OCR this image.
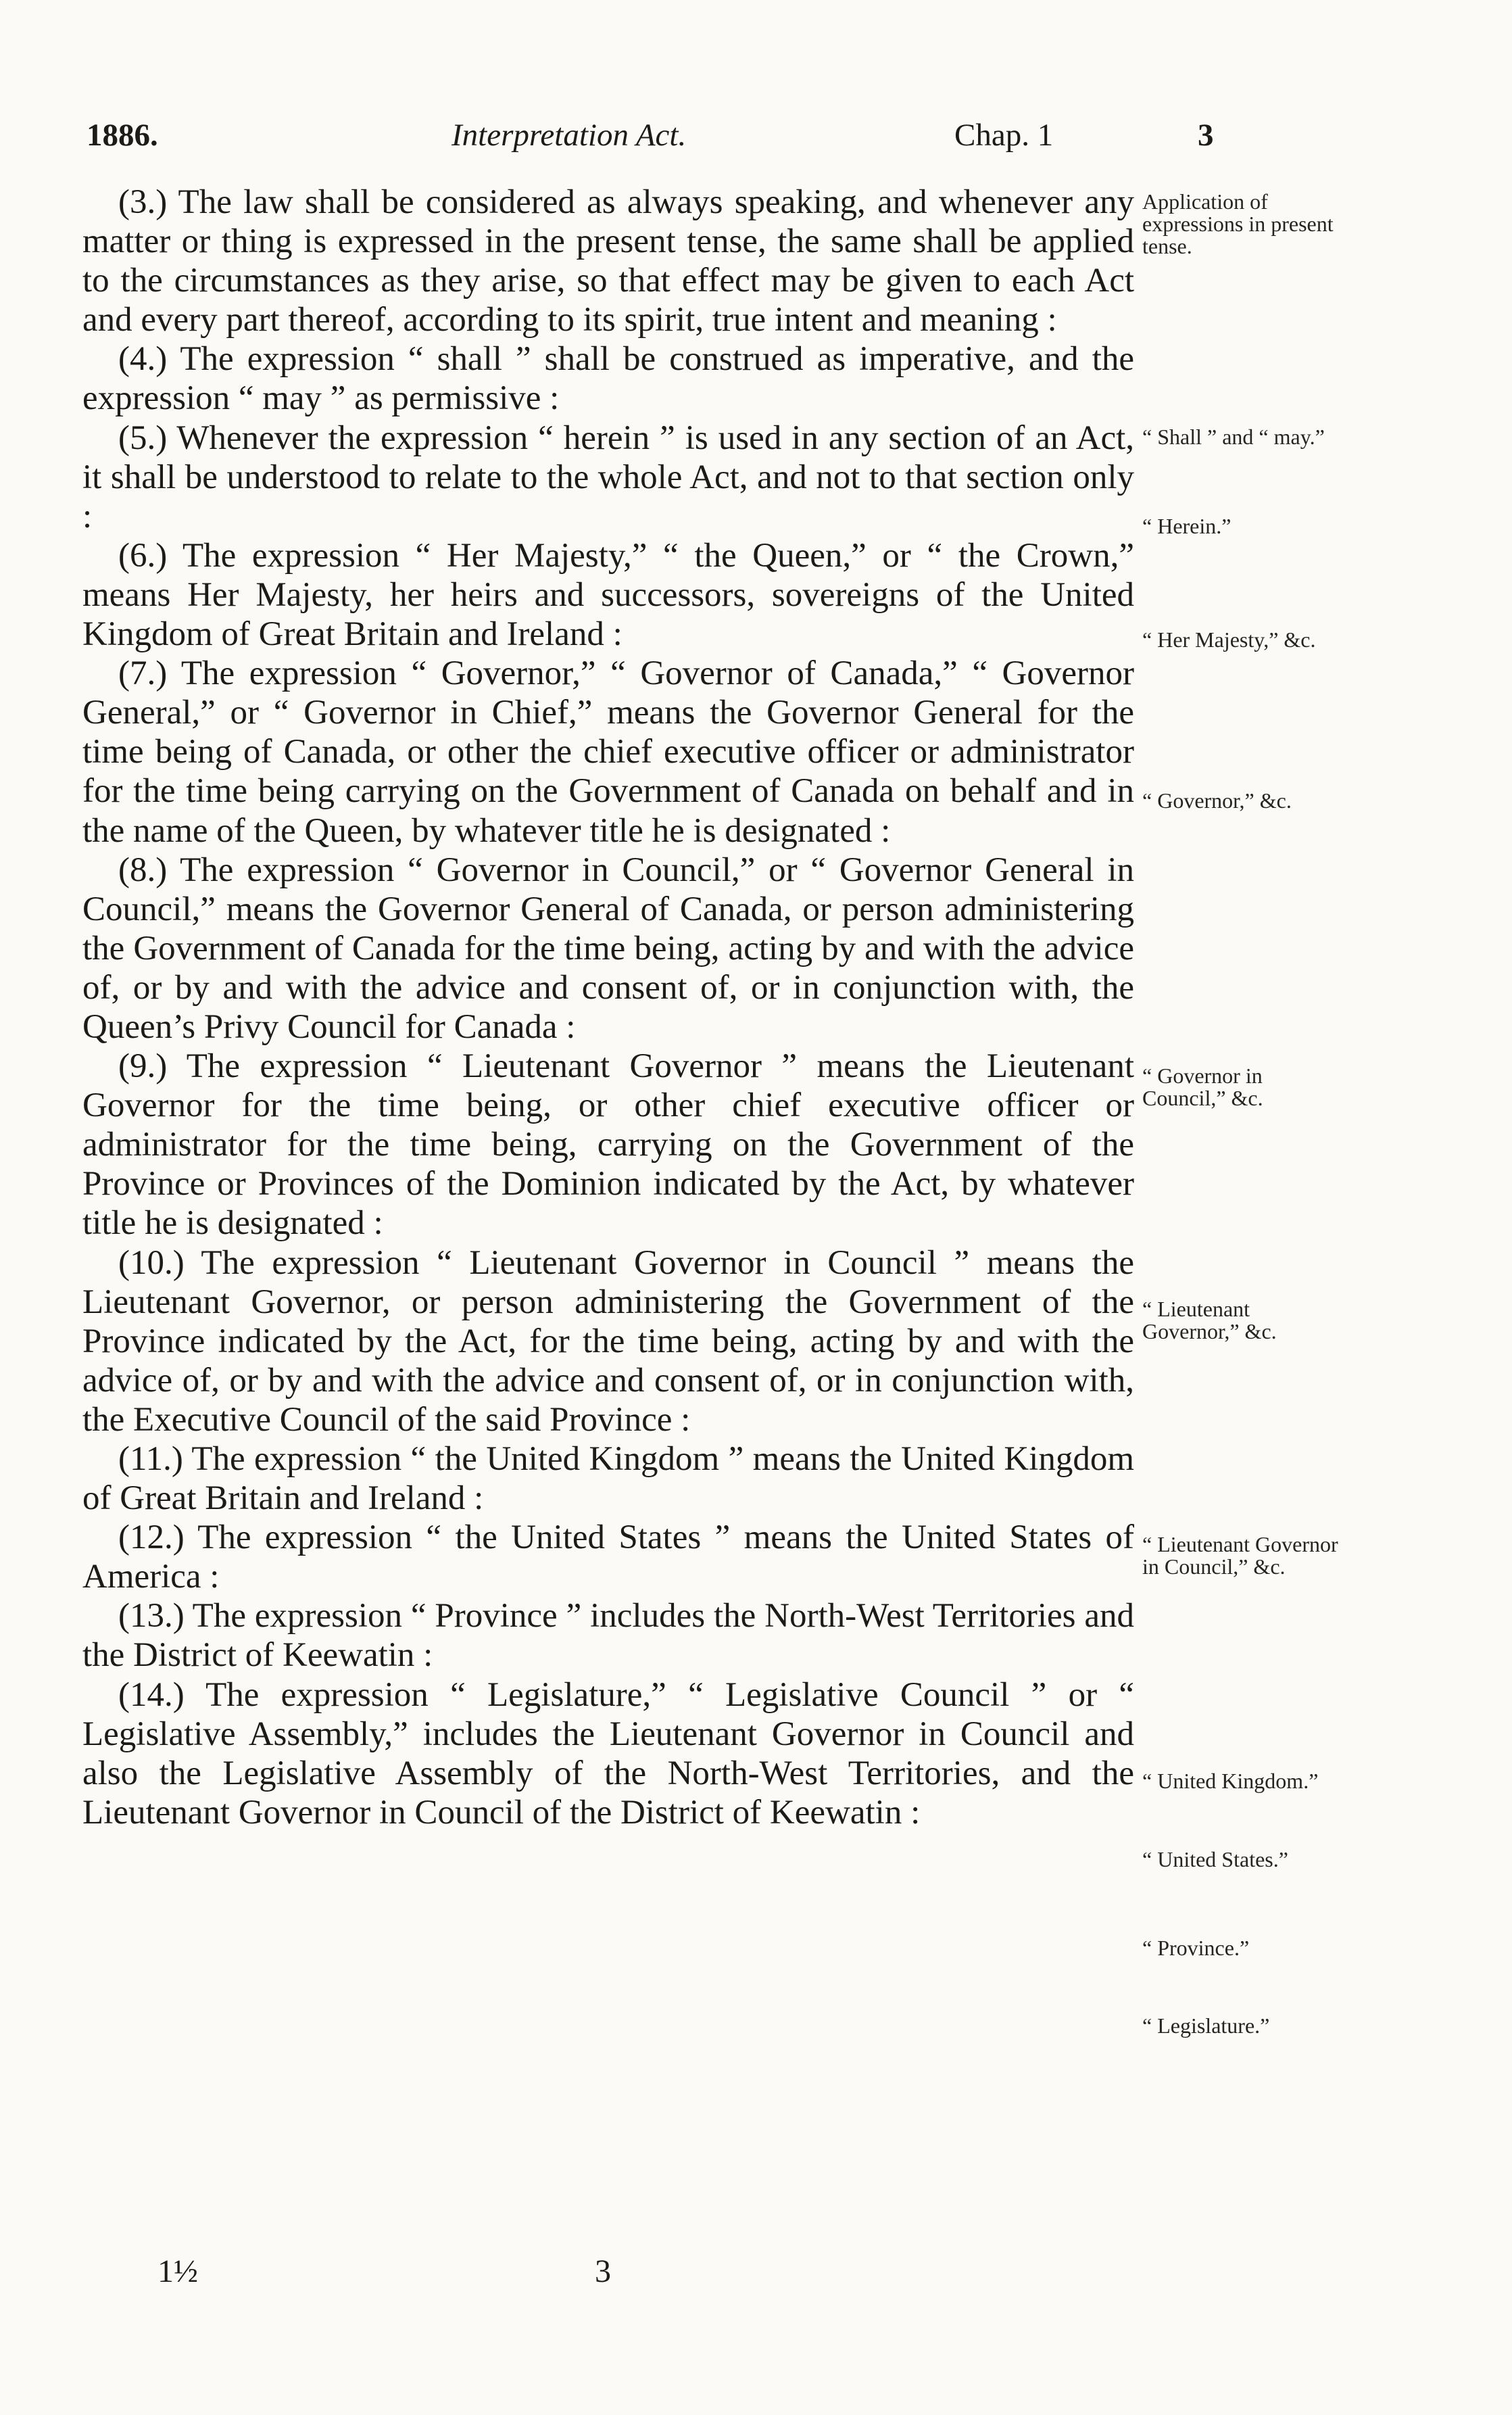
1886.	Interpretation Act.	Chap. 1	3

(3.) The law shall be considered as always speaking, and whenever any matter or thing is expressed in the present tense, the same shall be applied to the circumstances as they arise, so that effect may be given to each Act and every part thereof, according to its spirit, true intent and meaning :

(4.) The expression “ shall ” shall be construed as imperative, and the expression “ may ” as permissive :

(5.) Whenever the expression “ herein ” is used in any section of an Act, it shall be understood to relate to the whole Act, and not to that section only :

(6.) The expression “ Her Majesty,” “ the Queen,” or “ the Crown,” means Her Majesty, her heirs and successors, sovereigns of the United Kingdom of Great Britain and Ireland :

(7.) The expression “ Governor,” “ Governor of Canada,” “ Governor General,” or “ Governor in Chief,” means the Governor General for the time being of Canada, or other the chief executive officer or administrator for the time being carrying on the Government of Canada on behalf and in the name of the Queen, by whatever title he is designated :

(8.) The expression “ Governor in Council,” or “ Governor General in Council,” means the Governor General of Canada, or person administering the Government of Canada for the time being, acting by and with the advice of, or by and with the advice and consent of, or in conjunction with, the Queen’s Privy Council for Canada :

(9.) The expression “ Lieutenant Governor ” means the Lieutenant Governor for the time being, or other chief executive officer or administrator for the time being, carrying on the Government of the Province or Provinces of the Dominion indicated by the Act, by whatever title he is designated :

(10.) The expression “ Lieutenant Governor in Council ” means the Lieutenant Governor, or person administering the Government of the Province indicated by the Act, for the time being, acting by and with the advice of, or by and with the advice and consent of, or in conjunction with, the Executive Council of the said Province :

(11.) The expression “ the United Kingdom ” means the United Kingdom of Great Britain and Ireland :

(12.) The expression “ the United States ” means the United States of America :

(13.) The expression “ Province ” includes the North-West Territories and the District of Keewatin :

(14.) The expression “ Legislature,” “ Legislative Council ” or “ Legislative Assembly,” includes the Lieutenant Governor in Council and also the Legislative Assembly of the North-West Territories, and the Lieutenant Governor in Council of the District of Keewatin :

Application of expressions in present tense.
“ Shall ” and “ may.”
“ Herein.”
“ Her Majesty,” &c.
“ Governor,” &c.
“ Governor in Council,” &c.
“ Lieutenant Governor,” &c.
“ Lieutenant Governor in Council,” &c.
“ United Kingdom.”
“ United States.”
“ Province.”
“ Legislature.”
1½	3
